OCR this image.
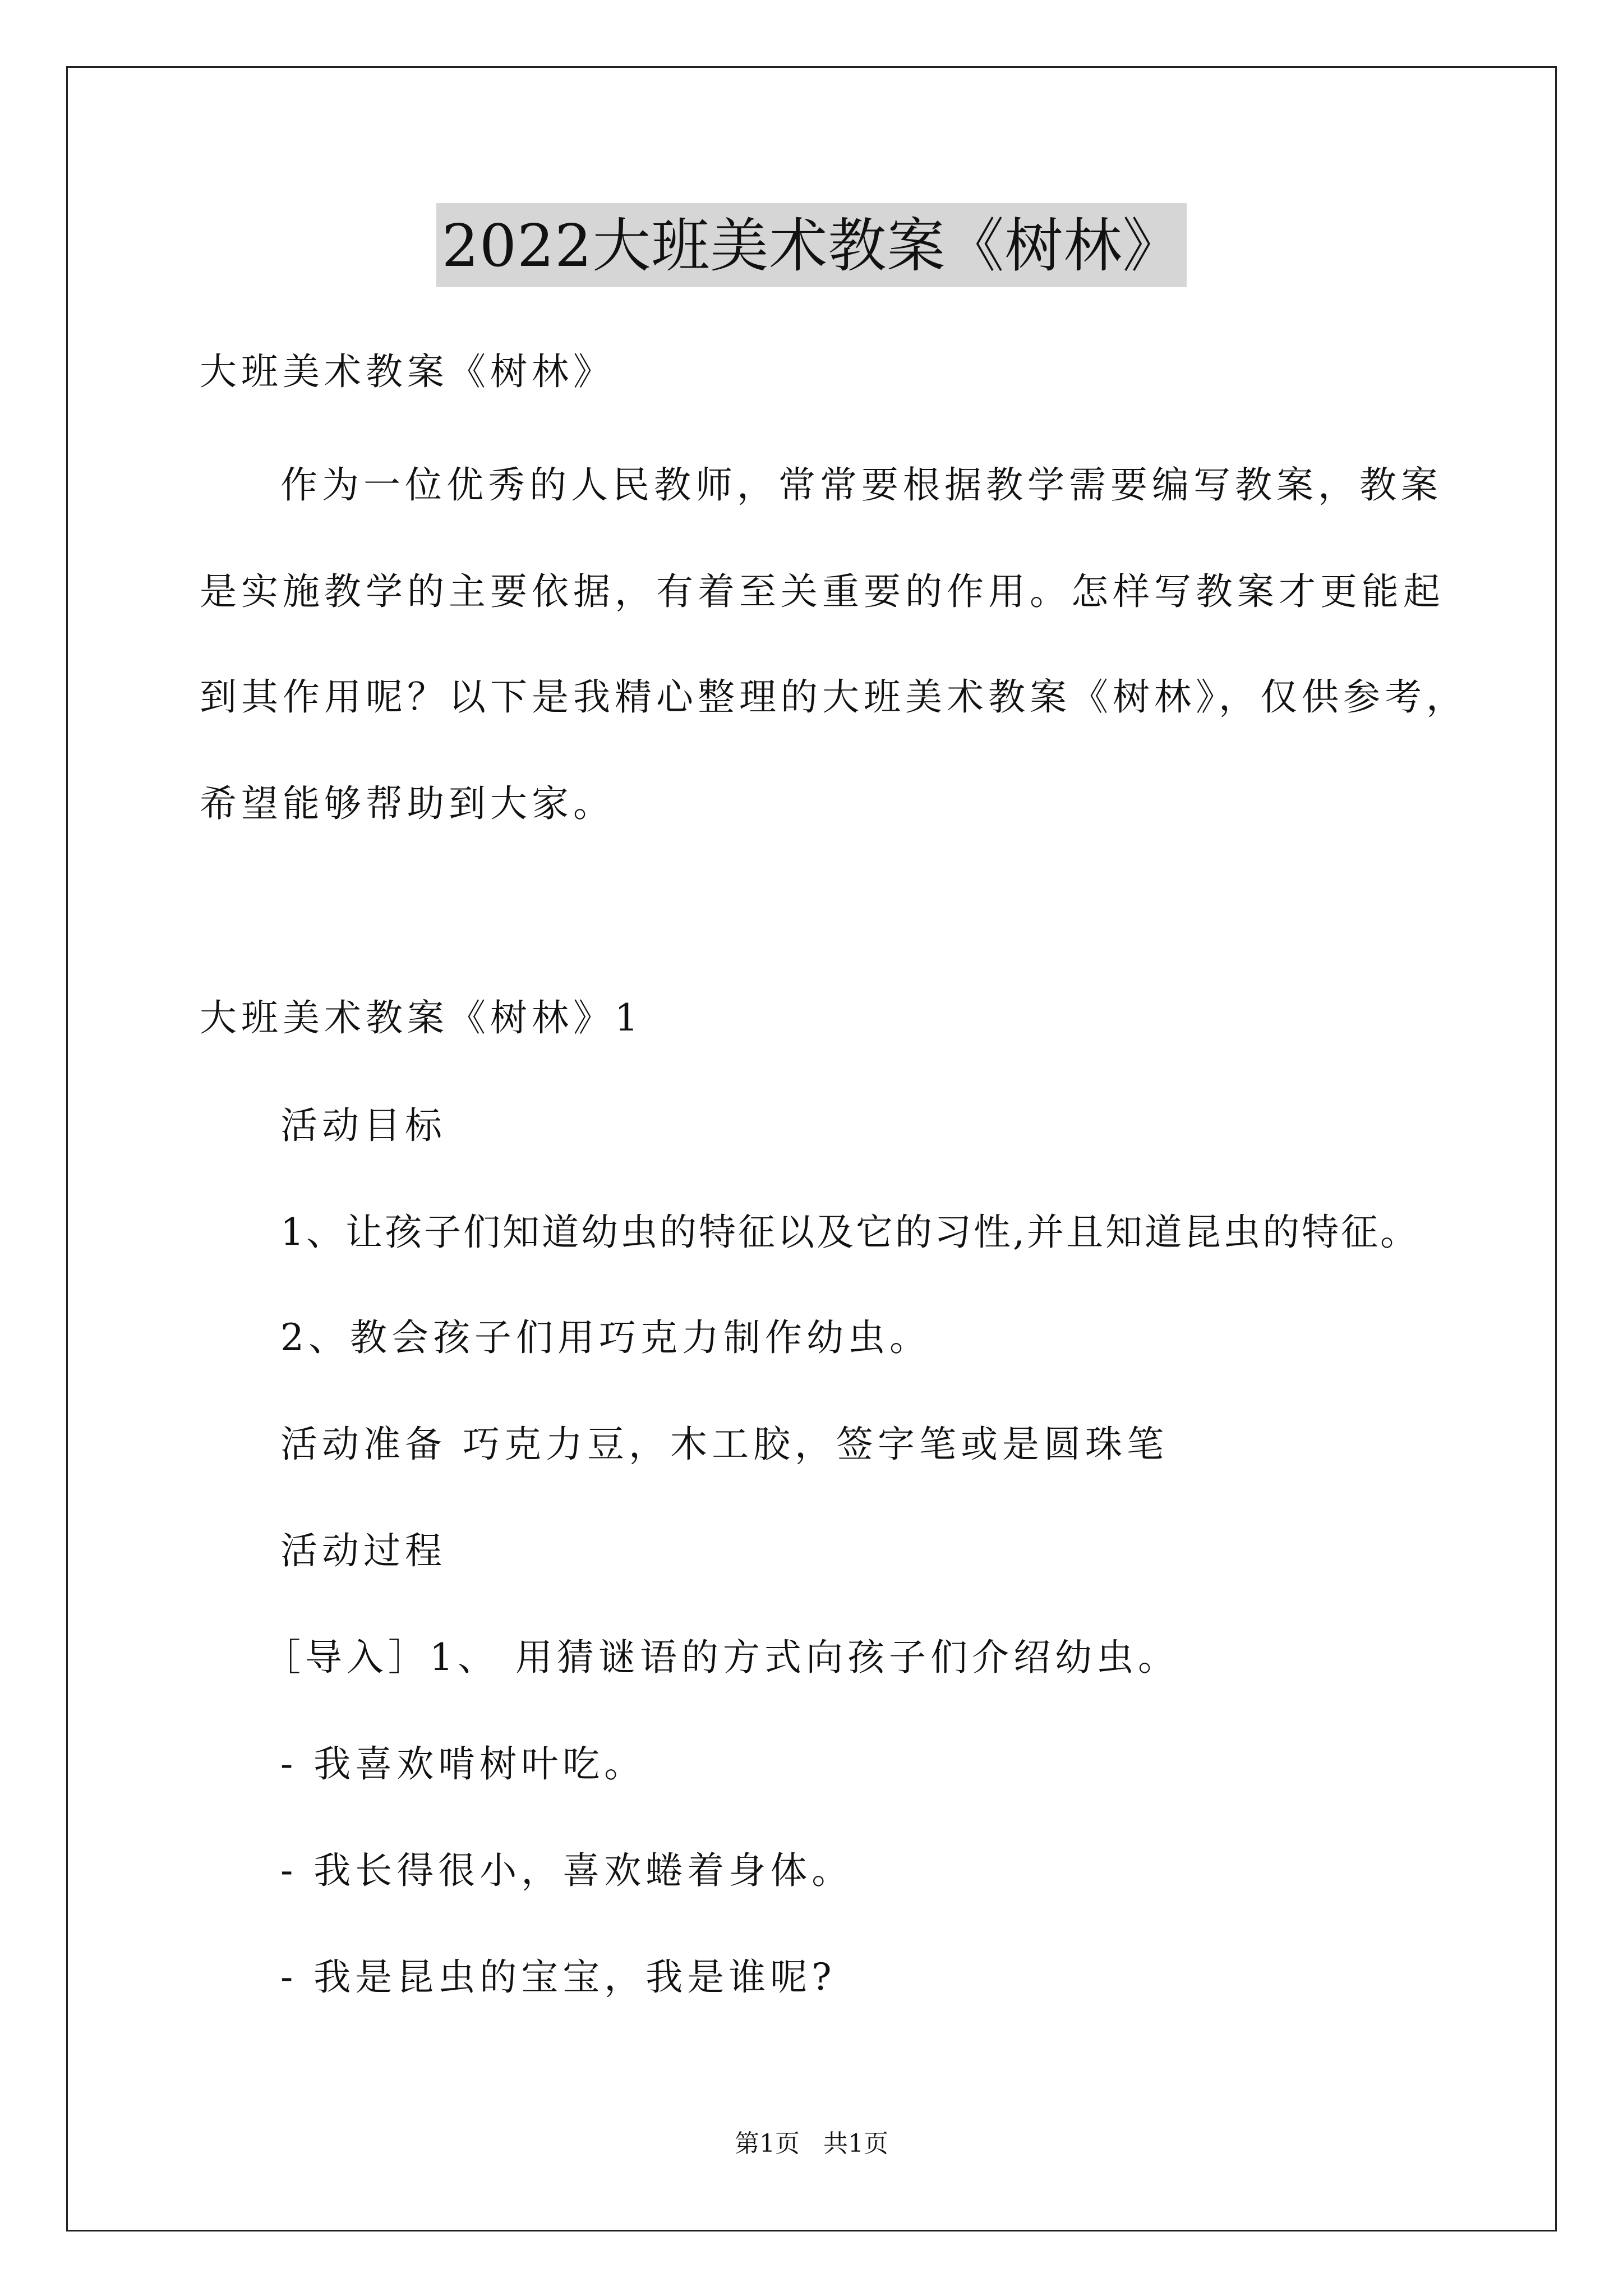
2022大班美术教案《树林》
大班美术教案《树林》
作为一位优秀的人民教师，常常要根据教学需要编写教案，教案
是实施教学的主要依据，有着至关重要的作用。怎样写教案才更能起
到其作用呢？以下是我精心整理的大班美术教案《树林》，仅供参考，
希望能够帮助到大家。
大班美术教案《树林》1
活动目标
1、让孩子们知道幼虫的特征以及它的习性,并且知道昆虫的特征。
2、教会孩子们用巧克力制作幼虫。
活动准备 巧克力豆，木工胶，签字笔或是圆珠笔
活动过程
［导入］1、 用猜谜语的方式向孩子们介绍幼虫。
- 我喜欢啃树叶吃。
- 我长得很小，喜欢蜷着身体。
- 我是昆虫的宝宝，我是谁呢?
第1页 共1页
